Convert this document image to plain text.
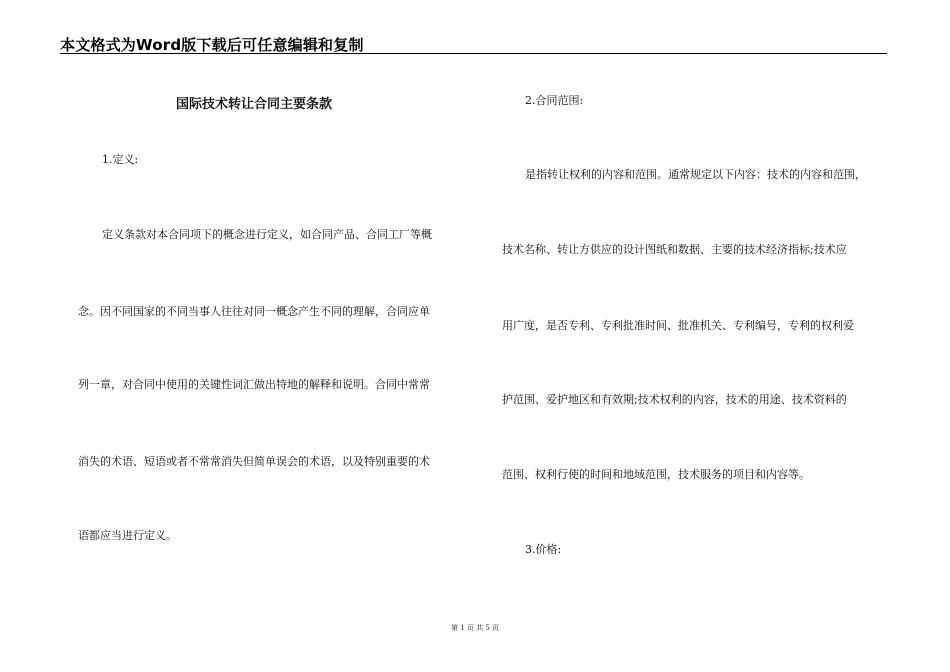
本文格式为Word版下载后可任意编辑和复制
国际技术转让合同主要条款
1.定义:
定义条款对本合同项下的概念进行定义，如合同产品、合同工厂等概
念。因不同国家的不同当事人往往对同一概念产生不同的理解，合同应单
列一章，对合同中使用的关键性词汇做出特地的解释和说明。合同中常常
消失的术语、短语或者不常常消失但简单误会的术语，以及特别重要的术
语都应当进行定义。
2.合同范围:
是指转让权利的内容和范围。通常规定以下内容：技术的内容和范围，
技术名称、转让方供应的设计图纸和数据、主要的技术经济指标;技术应
用广度，是否专利、专利批准时间、批准机关、专利编号，专利的权利爱
护范围、爱护地区和有效期;技术权利的内容，技术的用途、技术资料的
范围、权利行使的时间和地域范围，技术服务的项目和内容等。
3.价格:
第 1 页 共 5 页
